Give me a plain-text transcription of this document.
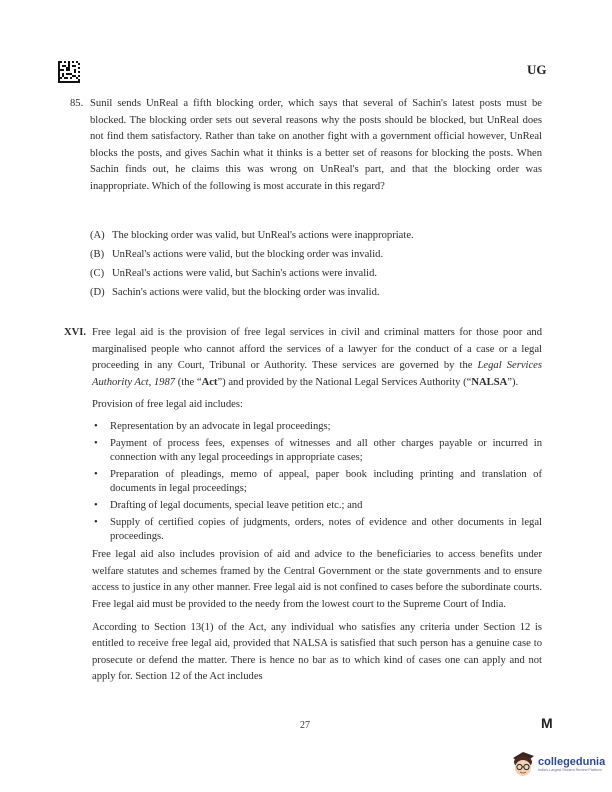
UG
85. Sunil sends UnReal a fifth blocking order, which says that several of Sachin's latest posts must be blocked. The blocking order sets out several reasons why the posts should be blocked, but UnReal does not find them satisfactory. Rather than take on another fight with a government official however, UnReal blocks the posts, and gives Sachin what it thinks is a better set of reasons for blocking the posts. When Sachin finds out, he claims this was wrong on UnReal's part, and that the blocking order was inappropriate. Which of the following is most accurate in this regard?
(A) The blocking order was valid, but UnReal's actions were inappropriate.
(B) UnReal's actions were valid, but the blocking order was invalid.
(C) UnReal's actions were valid, but Sachin's actions were invalid.
(D) Sachin's actions were valid, but the blocking order was invalid.
XVI. Free legal aid is the provision of free legal services in civil and criminal matters for those poor and marginalised people who cannot afford the services of a lawyer for the conduct of a case or a legal proceeding in any Court, Tribunal or Authority. These services are governed by the Legal Services Authority Act, 1987 (the “Act”) and provided by the National Legal Services Authority (“NALSA”).

Provision of free legal aid includes:

• Representation by an advocate in legal proceedings;
• Payment of process fees, expenses of witnesses and all other charges payable or incurred in connection with any legal proceedings in appropriate cases;
• Preparation of pleadings, memo of appeal, paper book including printing and translation of documents in legal proceedings;
• Drafting of legal documents, special leave petition etc.; and
• Supply of certified copies of judgments, orders, notes of evidence and other documents in legal proceedings.

Free legal aid also includes provision of aid and advice to the beneficiaries to access benefits under welfare statutes and schemes framed by the Central Government or the state governments and to ensure access to justice in any other manner. Free legal aid is not confined to cases before the subordinate courts. Free legal aid must be provided to the needy from the lowest court to the Supreme Court of India.

According to Section 13(1) of the Act, any individual who satisfies any criteria under Section 12 is entitled to receive free legal aid, provided that NALSA is satisfied that such person has a genuine case to prosecute or defend the matter. There is hence no bar as to which kind of cases one can apply and not apply for. Section 12 of the Act includes

27	M
collegedunia
India's Largest Student Review Platform
